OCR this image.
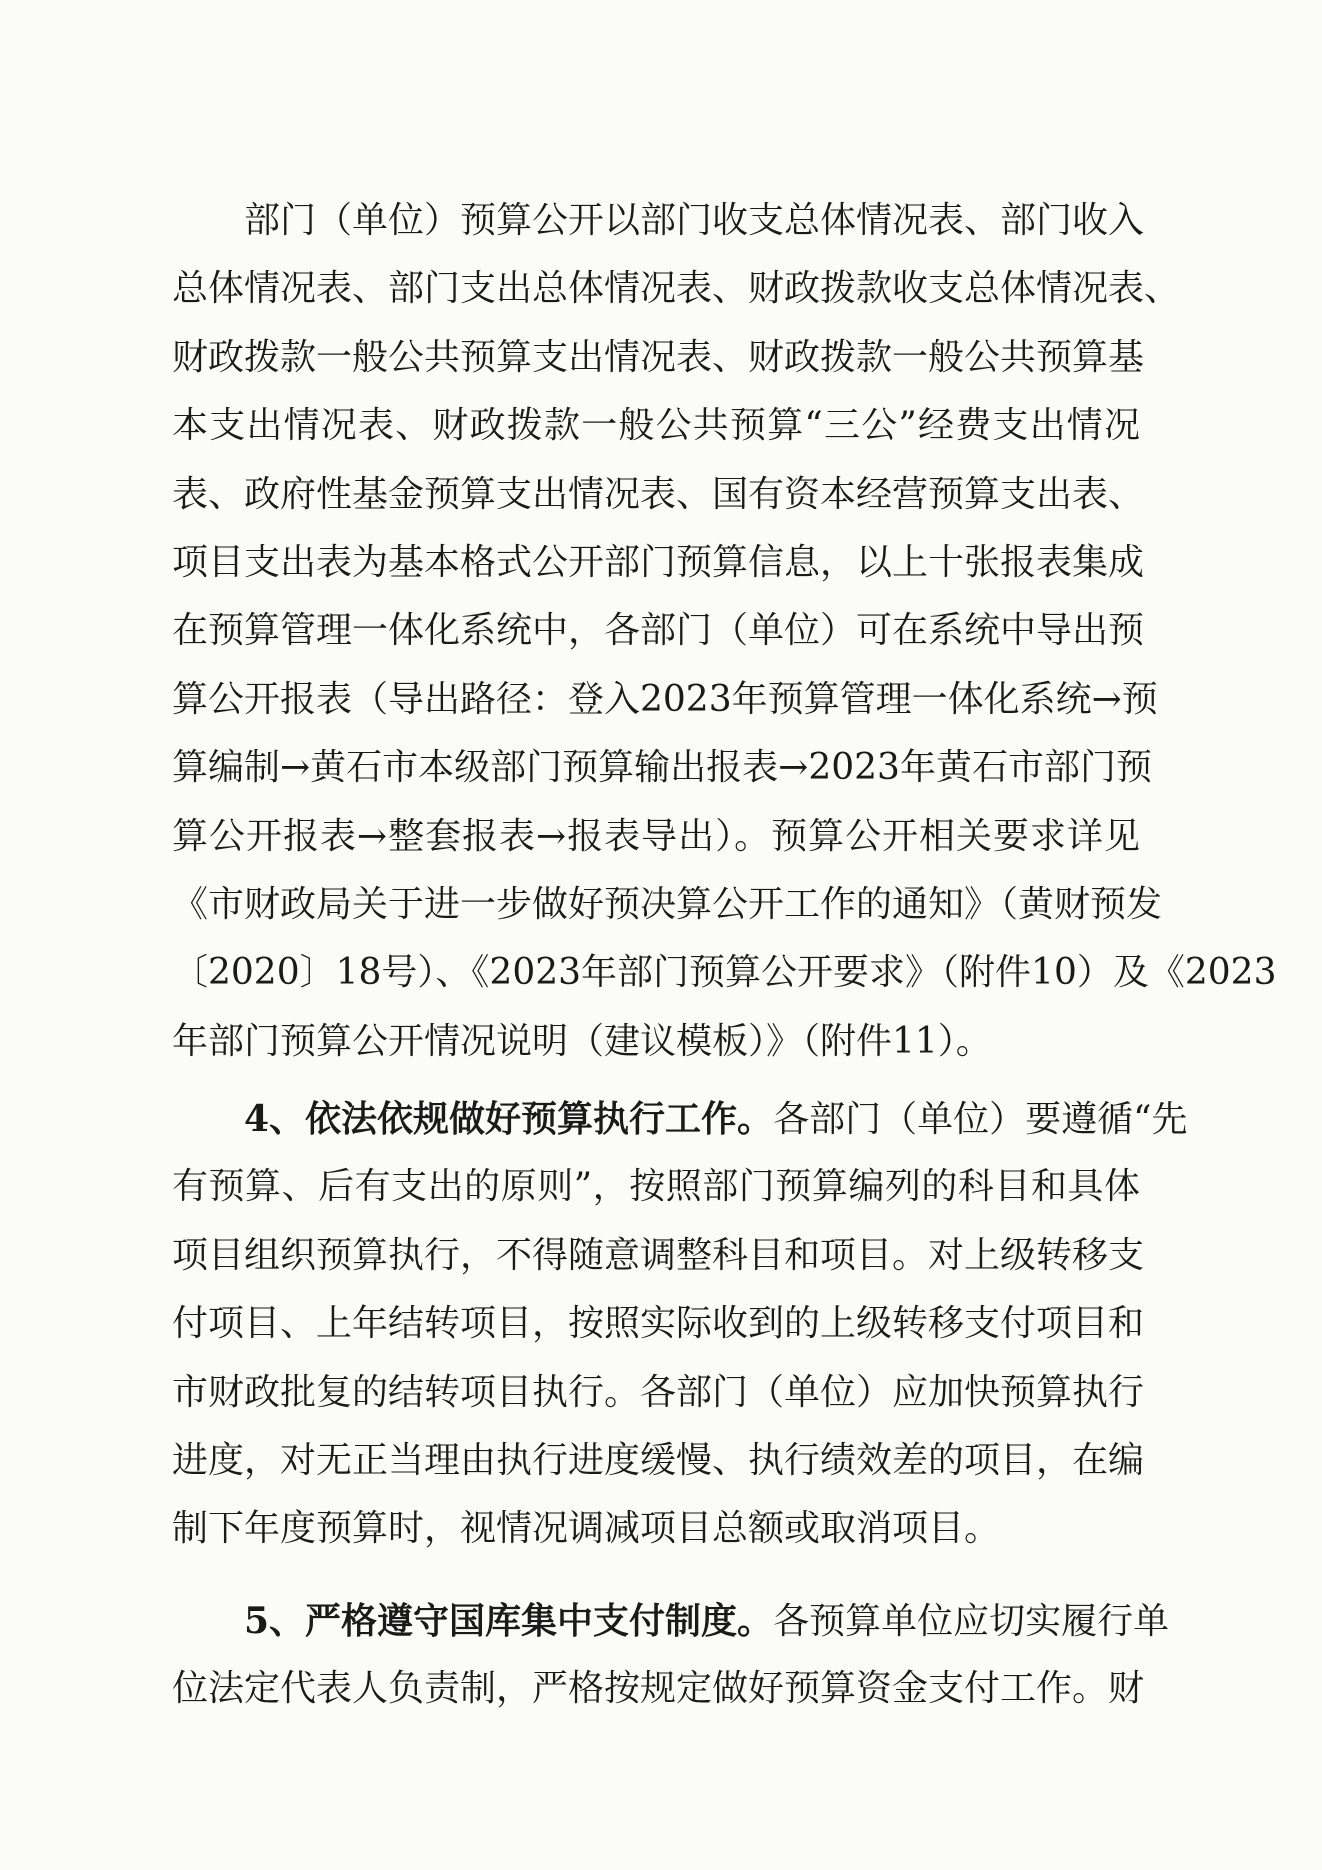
　　部门（单位）预算公开以部门收支总体情况表、部门收入
总体情况表、部门支出总体情况表、财政拨款收支总体情况表、
财政拨款一般公共预算支出情况表、财政拨款一般公共预算基
本支出情况表、财政拨款一般公共预算“三公”经费支出情况
表、政府性基金预算支出情况表、国有资本经营预算支出表、
项目支出表为基本格式公开部门预算信息，以上十张报表集成
在预算管理一体化系统中，各部门（单位）可在系统中导出预
算公开报表（导出路径：登入2023年预算管理一体化系统→预
算编制→黄石市本级部门预算输出报表→2023年黄石市部门预
算公开报表→整套报表→报表导出）。预算公开相关要求详见
《市财政局关于进一步做好预决算公开工作的通知》（黄财预发
〔2020〕18号）、《2023年部门预算公开要求》（附件10）及《2023
年部门预算公开情况说明（建议模板）》（附件11）。
　　4、依法依规做好预算执行工作。各部门（单位）要遵循“先
有预算、后有支出的原则”，按照部门预算编列的科目和具体
项目组织预算执行，不得随意调整科目和项目。对上级转移支
付项目、上年结转项目，按照实际收到的上级转移支付项目和
市财政批复的结转项目执行。各部门（单位）应加快预算执行
进度，对无正当理由执行进度缓慢、执行绩效差的项目，在编
制下年度预算时，视情况调减项目总额或取消项目。
　　5、严格遵守国库集中支付制度。各预算单位应切实履行单
位法定代表人负责制，严格按规定做好预算资金支付工作。财
